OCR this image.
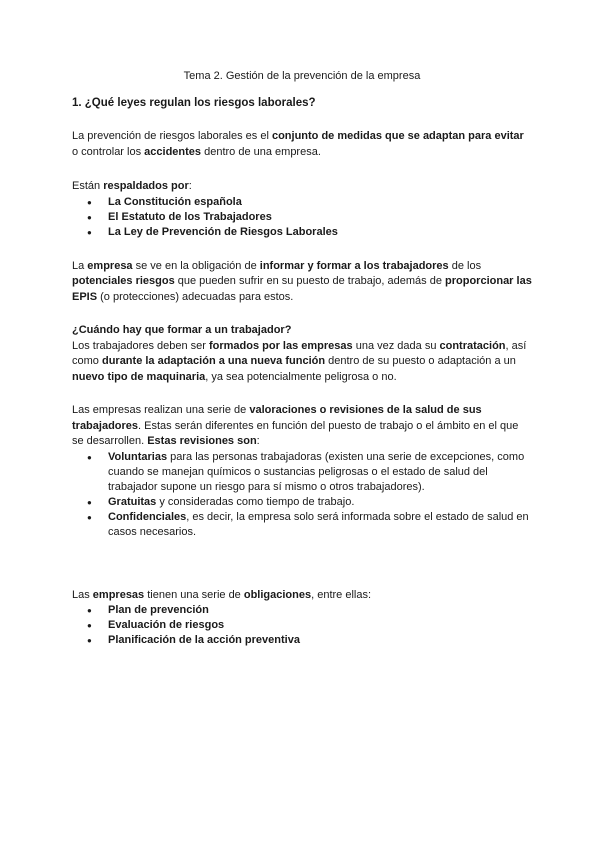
Tema 2. Gestión de la prevención de la empresa
1. ¿Qué leyes regulan los riesgos laborales?

La prevención de riesgos laborales es el conjunto de medidas que se adaptan para evitar o controlar los accidentes dentro de una empresa.

Están respaldados por:

● La Constitución española
● El Estatuto de los Trabajadores
● La Ley de Prevención de Riesgos Laborales

La empresa se ve en la obligación de informar y formar a los trabajadores de los potenciales riesgos que pueden sufrir en su puesto de trabajo, además de proporcionar las EPIS (o protecciones) adecuadas para estos.

¿Cuándo hay que formar a un trabajador?

Los trabajadores deben ser formados por las empresas una vez dada su contratación, así como durante la adaptación a una nueva función dentro de su puesto o adaptación a un nuevo tipo de maquinaria, ya sea potencialmente peligrosa o no.

Las empresas realizan una serie de valoraciones o revisiones de la salud de sus trabajadores. Estas serán diferentes en función del puesto de trabajo o el ámbito en el que se desarrollen. Estas revisiones son:

● Voluntarias para las personas trabajadoras (existen una serie de excepciones, como cuando se manejan químicos o sustancias peligrosas o el estado de salud del trabajador supone un riesgo para sí mismo o otros trabajadores).
● Gratuitas y consideradas como tiempo de trabajo.
● Confidenciales, es decir, la empresa solo será informada sobre el estado de salud en casos necesarios.

Las empresas tienen una serie de obligaciones, entre ellas:

● Plan de prevención
● Evaluación de riesgos
● Planificación de la acción preventiva
